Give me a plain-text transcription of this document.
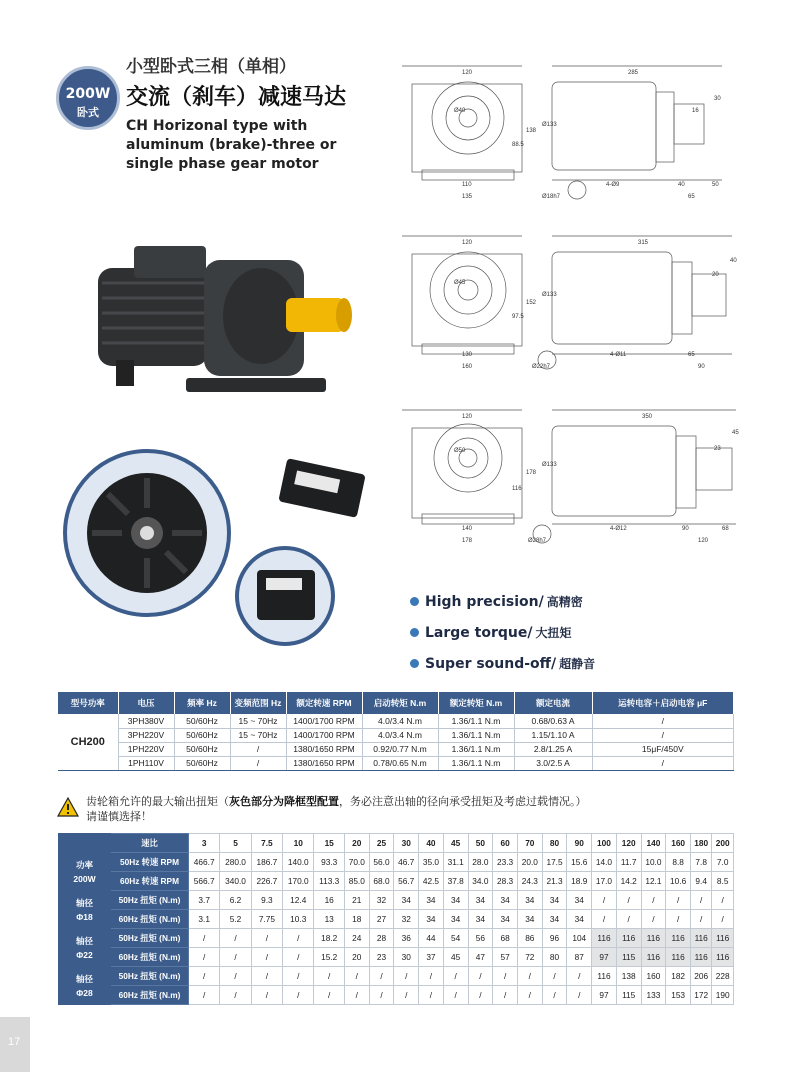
200W
卧式
小型卧式三相（单相）
交流（刹车）减速马达
CH Horizonal type with aluminum (brake)-three or single phase gear motor
120	285
30
16
138
88.5
Ø133
110
135
4-Ø9	40	50
65
Ø18h7
Ø40
120	315
40
20
152
97.5
Ø133
130
160
4-Ø11	65
90
Ø22h7
Ø45
120	350
45
23
178
116
Ø133
140
178
4-Ø12	90	68
120
Ø28h7
Ø50
High precision / 高精密
Large torque / 大扭矩
Super sound-off / 超静音
型号功率	电压	频率 Hz	变频范围 Hz	额定转速 RPM	启动转矩 N.m	额定转矩 N.m	额定电流	运转电容＋启动电容 μF
CH200	3PH380V	50/60Hz	15 ~ 70Hz	1400/1700 RPM	4.0/3.4 N.m	1.36/1.1 N.m	0.68/0.63 A	/
	3PH220V	50/60Hz	15 ~ 70Hz	1400/1700 RPM	4.0/3.4 N.m	1.36/1.1 N.m	1.15/1.10 A	/
	1PH220V	50/60Hz	/	1380/1650 RPM	0.92/0.77 N.m	1.36/1.1 N.m	2.8/1.25 A	15μF/450V
	1PH110V	50/60Hz	/	1380/1650 RPM	0.78/0.65 N.m	1.36/1.1 N.m	3.0/2.5 A	/
齿轮箱允许的最大输出扭矩（灰色部分为降框型配置，务必注意出轴的径向承受扭矩及考虑过载情况。）
请谨慎选择！
	速比	3	5	7.5	10	15	20	25	30	40	45	50	60	70	80	90	100	120	140	160	180	200

功率
200W	50Hz 转速 RPM	466.7	280.0	186.7	140.0	93.3	70.0	56.0	46.7	35.0	31.1	28.0	23.3	20.0	17.5	15.6	14.0	11.7	10.0	8.8	7.8	7.0
	60Hz 转速 RPM	566.7	340.0	226.7	170.0	113.3	85.0	68.0	56.7	42.5	37.8	34.0	28.3	24.3	21.3	18.9	17.0	14.2	12.1	10.6	9.4	8.5

轴径
Φ18	50Hz 扭矩 (N.m)	3.7	6.2	9.3	12.4	16	21	32	34	34	34	34	34	34	34	34	/	/	/	/	/	/
	60Hz 扭矩 (N.m)	3.1	5.2	7.75	10.3	13	18	27	32	34	34	34	34	34	34	34	/	/	/	/	/	/

轴径
Φ22	50Hz 扭矩 (N.m)	/	/	/	/	18.2	24	28	36	44	54	56	68	86	96	104	116	116	116	116	116	116
	60Hz 扭矩 (N.m)	/	/	/	/	15.2	20	23	30	37	45	47	57	72	80	87	97	115	116	116	116	116

轴径
Φ28	50Hz 扭矩 (N.m)	/	/	/	/	/	/	/	/	/	/	/	/	/	/	/	116	138	160	182	206	228
	60Hz 扭矩 (N.m)	/	/	/	/	/	/	/	/	/	/	/	/	/	/	/	97	115	133	153	172	190
17
